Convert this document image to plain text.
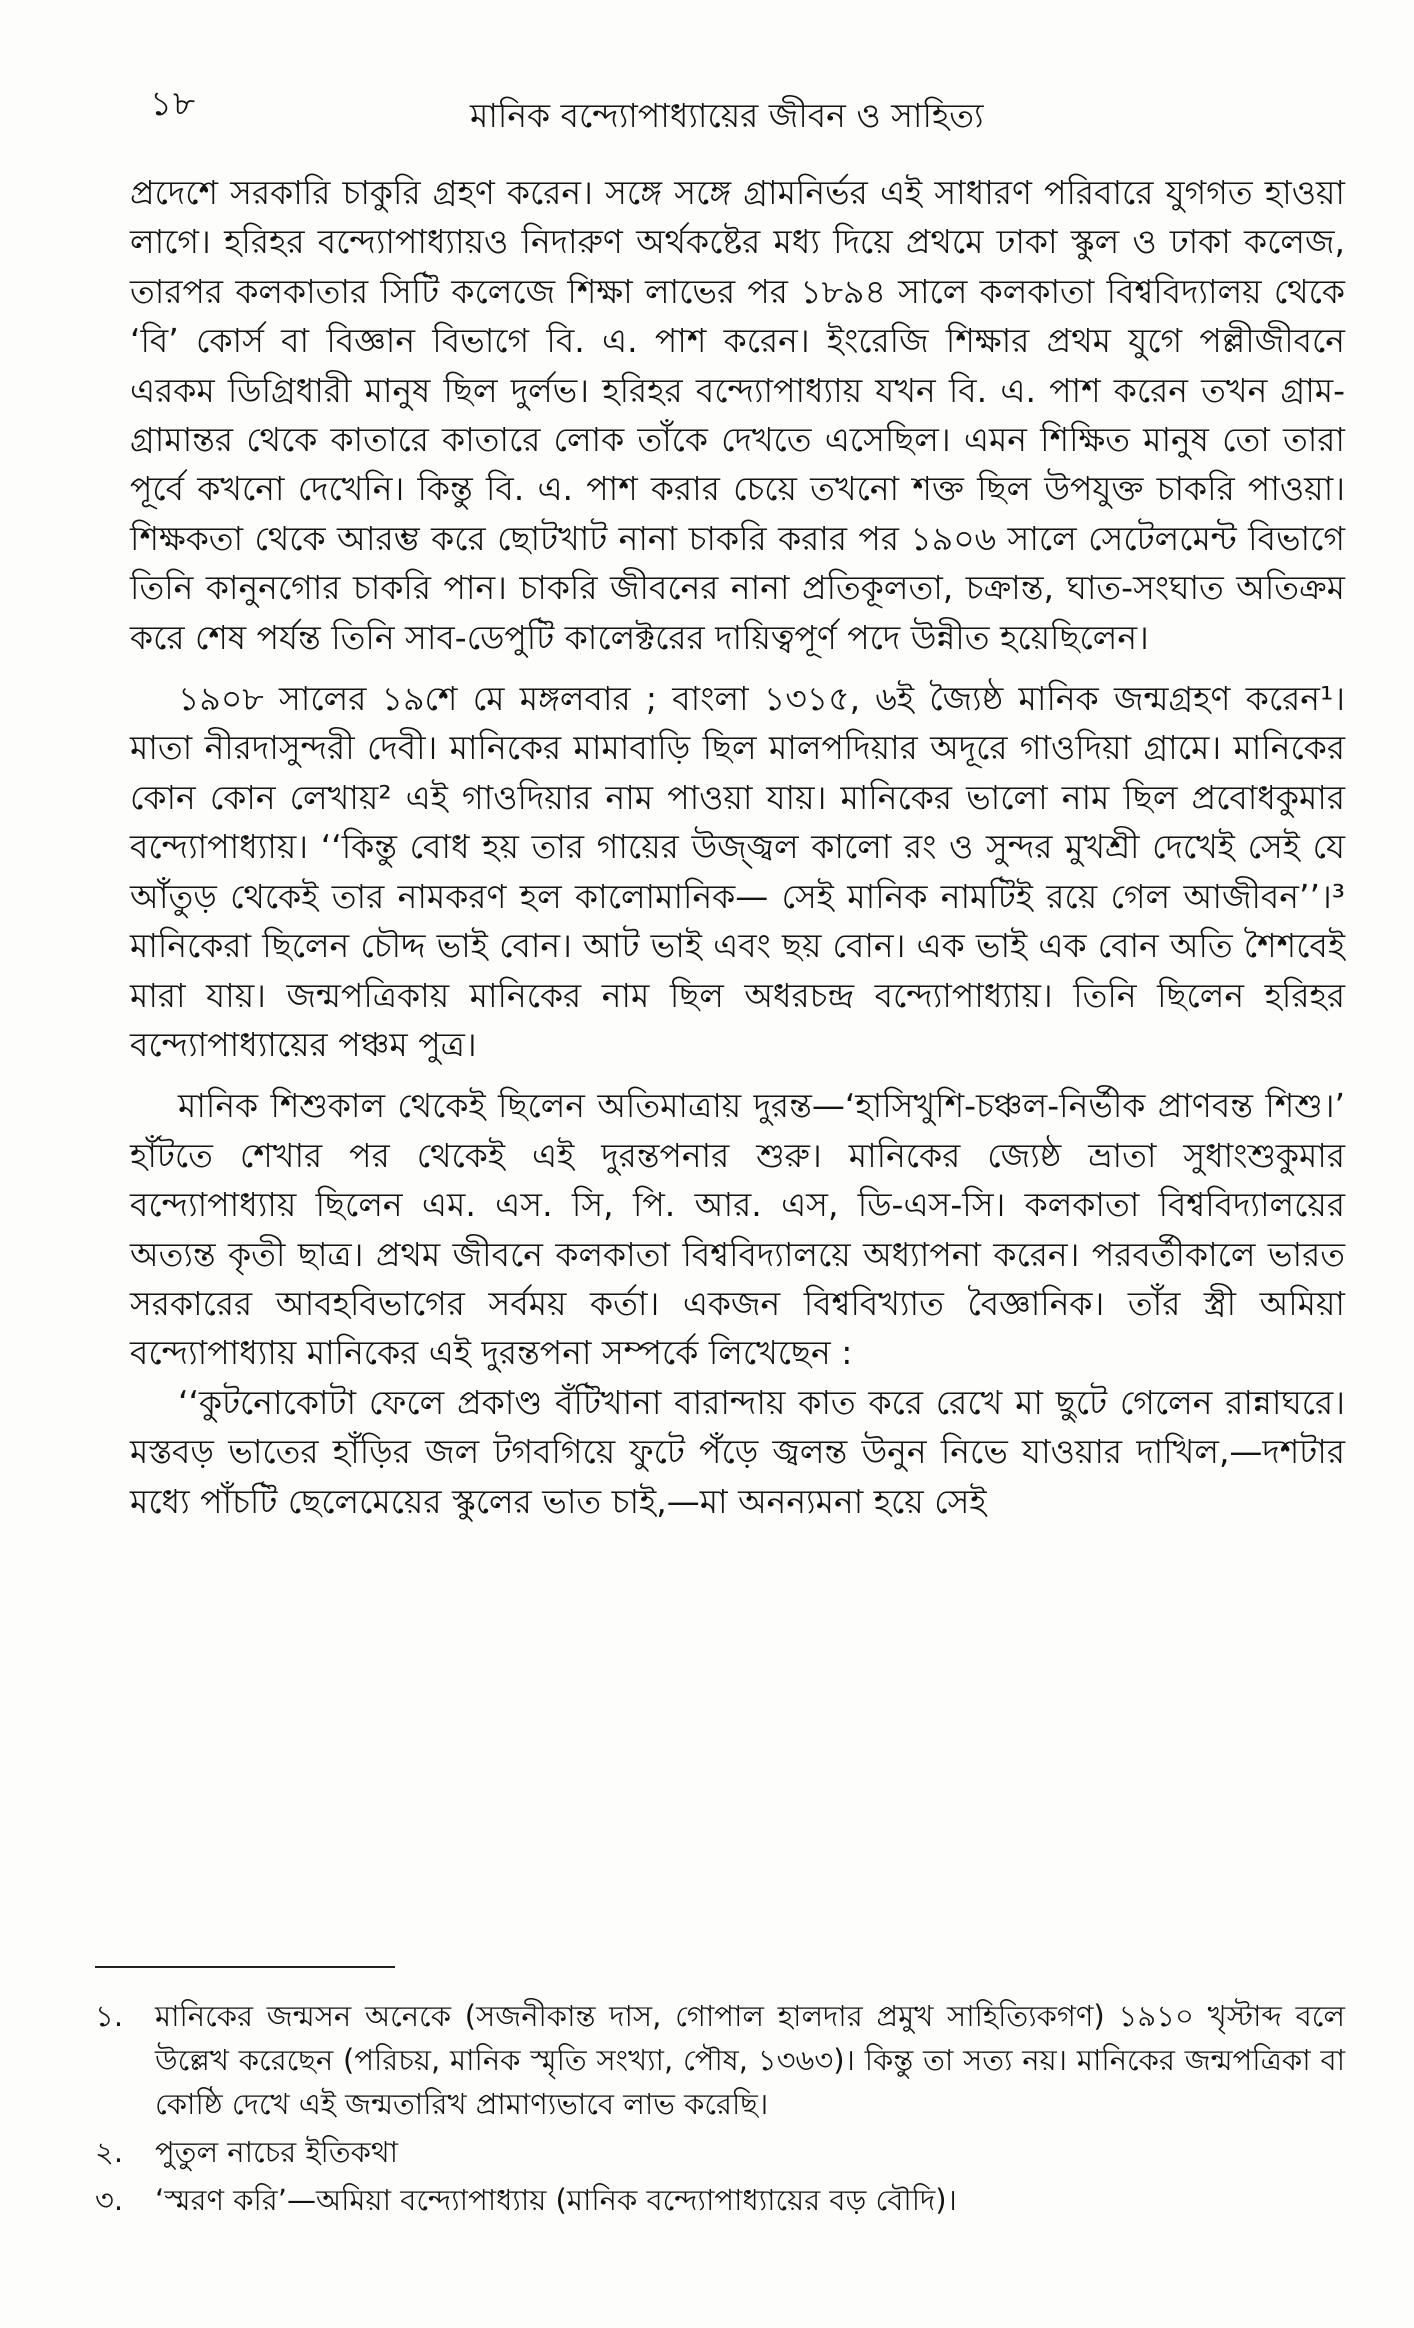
১৮	মানিক বন্দ্যোপাধ্যায়ের জীবন ও সাহিত্য

প্রদেশে সরকারি চাকুরি গ্রহণ করেন। সঙ্গে সঙ্গে গ্রামনির্ভর এই সাধারণ পরিবারে যুগগত হাওয়া লাগে। হরিহর বন্দ্যোপাধ্যায়ও নিদারুণ অর্থকষ্টের মধ্য দিয়ে প্রথমে ঢাকা স্কুল ও ঢাকা কলেজ, তারপর কলকাতার সিটি কলেজে শিক্ষা লাভের পর ১৮৯৪ সালে কলকাতা বিশ্ববিদ্যালয় থেকে ‘বি’ কোর্স বা বিজ্ঞান বিভাগে বি. এ. পাশ করেন। ইংরেজি শিক্ষার প্রথম যুগে পল্লীজীবনে এরকম ডিগ্রিধারী মানুষ ছিল দুর্লভ। হরিহর বন্দ্যোপাধ্যায় যখন বি. এ. পাশ করেন তখন গ্রাম-গ্রামান্তর থেকে কাতারে কাতারে লোক তাঁকে দেখতে এসেছিল। এমন শিক্ষিত মানুষ তো তারা পূর্বে কখনো দেখেনি। কিন্তু বি. এ. পাশ করার চেয়ে তখনো শক্ত ছিল উপযুক্ত চাকরি পাওয়া। শিক্ষকতা থেকে আরম্ভ করে ছোটখাট নানা চাকরি করার পর ১৯০৬ সালে সেটেলমেন্ট বিভাগে তিনি কানুনগোর চাকরি পান। চাকরি জীবনের নানা প্রতিকূলতা, চক্রান্ত, ঘাত-সংঘাত অতিক্রম করে শেষ পর্যন্ত তিনি সাব-ডেপুটি কালেক্টরের দায়িত্বপূর্ণ পদে উন্নীত হয়েছিলেন।

১৯০৮ সালের ১৯শে মে মঙ্গলবার ; বাংলা ১৩১৫, ৬ই জ্যৈষ্ঠ মানিক জন্মগ্রহণ করেন¹। মাতা নীরদাসুন্দরী দেবী। মানিকের মামাবাড়ি ছিল মালপদিয়ার অদূরে গাওদিয়া গ্রামে। মানিকের কোন কোন লেখায়² এই গাওদিয়ার নাম পাওয়া যায়। মানিকের ভালো নাম ছিল প্রবোধকুমার বন্দ্যোপাধ্যায়। ‘‘কিন্তু বোধ হয় তার গায়ের উজ্জ্বল কালো রং ও সুন্দর মুখশ্রী দেখেই সেই যে আঁতুড় থেকেই তার নামকরণ হল কালোমানিক— সেই মানিক নামটিই রয়ে গেল আজীবন’’।³ মানিকেরা ছিলেন চৌদ্দ ভাই বোন। আট ভাই এবং ছয় বোন। এক ভাই এক বোন অতি শৈশবেই মারা যায়। জন্মপত্রিকায় মানিকের নাম ছিল অধরচন্দ্র বন্দ্যোপাধ্যায়। তিনি ছিলেন হরিহর বন্দ্যোপাধ্যায়ের পঞ্চম পুত্র।

মানিক শিশুকাল থেকেই ছিলেন অতিমাত্রায় দুরন্ত—‘হাসিখুশি-চঞ্চল-নির্ভীক প্রাণবন্ত শিশু।’ হাঁটতে শেখার পর থেকেই এই দুরন্তপনার শুরু। মানিকের জ্যেষ্ঠ ভ্রাতা সুধাংশুকুমার বন্দ্যোপাধ্যায় ছিলেন এম. এস. সি, পি. আর. এস, ডি-এস-সি। কলকাতা বিশ্ববিদ্যালয়ের অত্যন্ত কৃতী ছাত্র। প্রথম জীবনে কলকাতা বিশ্ববিদ্যালয়ে অধ্যাপনা করেন। পরবর্তীকালে ভারত সরকারের আবহবিভাগের সর্বময় কর্তা। একজন বিশ্ববিখ্যাত বৈজ্ঞানিক। তাঁর স্ত্রী অমিয়া বন্দ্যোপাধ্যায় মানিকের এই দুরন্তপনা সম্পর্কে লিখেছেন :

‘‘কুটনোকোটা ফেলে প্রকাণ্ড বঁটিখানা বারান্দায় কাত করে রেখে মা ছুটে গেলেন রান্নাঘরে। মস্তবড় ভাতের হাঁড়ির জল টগবগিয়ে ফুটে পঁড়ে জ্বলন্ত উনুন নিভে যাওয়ার দাখিল,—দশটার মধ্যে পাঁচটি ছেলেমেয়ের স্কুলের ভাত চাই,—মা অনন্যমনা হয়ে সেই

১.	মানিকের জন্মসন অনেকে (সজনীকান্ত দাস, গোপাল হালদার প্রমুখ সাহিত্যিকগণ) ১৯১০ খৃস্টাব্দ বলে উল্লেখ করেছেন (পরিচয়, মানিক স্মৃতি সংখ্যা, পৌষ, ১৩৬৩)। কিন্তু তা সত্য নয়। মানিকের জন্মপত্রিকা বা কোষ্ঠি দেখে এই জন্মতারিখ প্রামাণ্যভাবে লাভ করেছি।
২.	পুতুল নাচের ইতিকথা
৩.	‘স্মরণ করি’—অমিয়া বন্দ্যোপাধ্যায় (মানিক বন্দ্যোপাধ্যায়ের বড় বৌদি)।
